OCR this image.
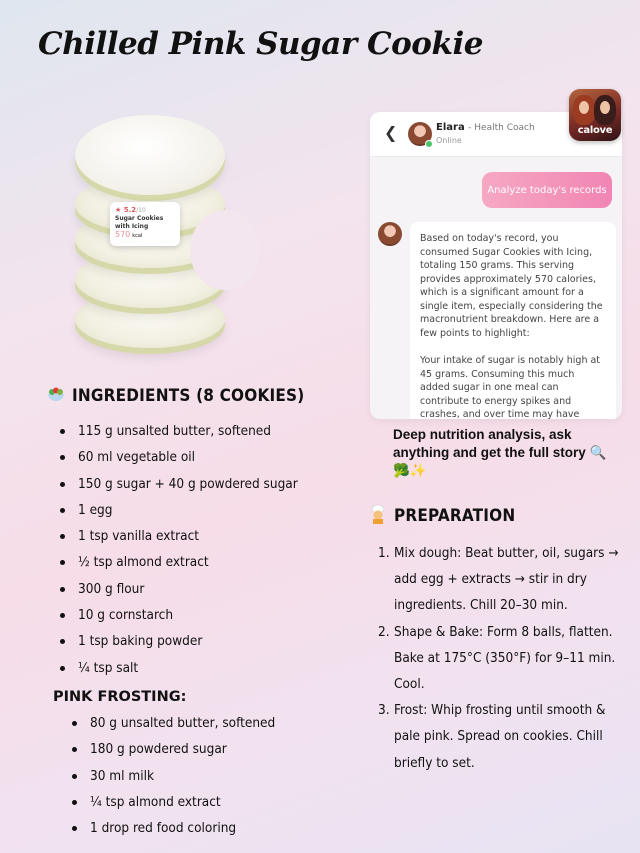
Chilled Pink Sugar Cookie
★ 5.2/10
Sugar Cookies with Icing
570 kcal
❮	Elara - Health Coach
Online
Analyze today's records

Based on today's record, you consumed Sugar Cookies with Icing, totaling 150 grams. This serving provides approximately 570 calories, which is a significant amount for a single item, especially considering the macronutrient breakdown. Here are a few points to highlight:

Your intake of sugar is notably high at 45 grams. Consuming this much added sugar in one meal can contribute to energy spikes and crashes, and over time may have

calove
Deep nutrition analysis, ask anything and get the full story 🔍🥦✨
INGREDIENTS (8 COOKIES)
115 g unsalted butter, softened
60 ml vegetable oil
150 g sugar + 40 g powdered sugar
1 egg
1 tsp vanilla extract
½ tsp almond extract
300 g flour
10 g cornstarch
1 tsp baking powder
¼ tsp salt
PINK FROSTING:
80 g unsalted butter, softened
180 g powdered sugar
30 ml milk
¼ tsp almond extract
1 drop red food coloring
PREPARATION
1. Mix dough: Beat butter, oil, sugars → add egg + extracts → stir in dry ingredients. Chill 20–30 min.
2. Shape & Bake: Form 8 balls, flatten. Bake at 175°C (350°F) for 9–11 min. Cool.
3. Frost: Whip frosting until smooth & pale pink. Spread on cookies. Chill briefly to set.
